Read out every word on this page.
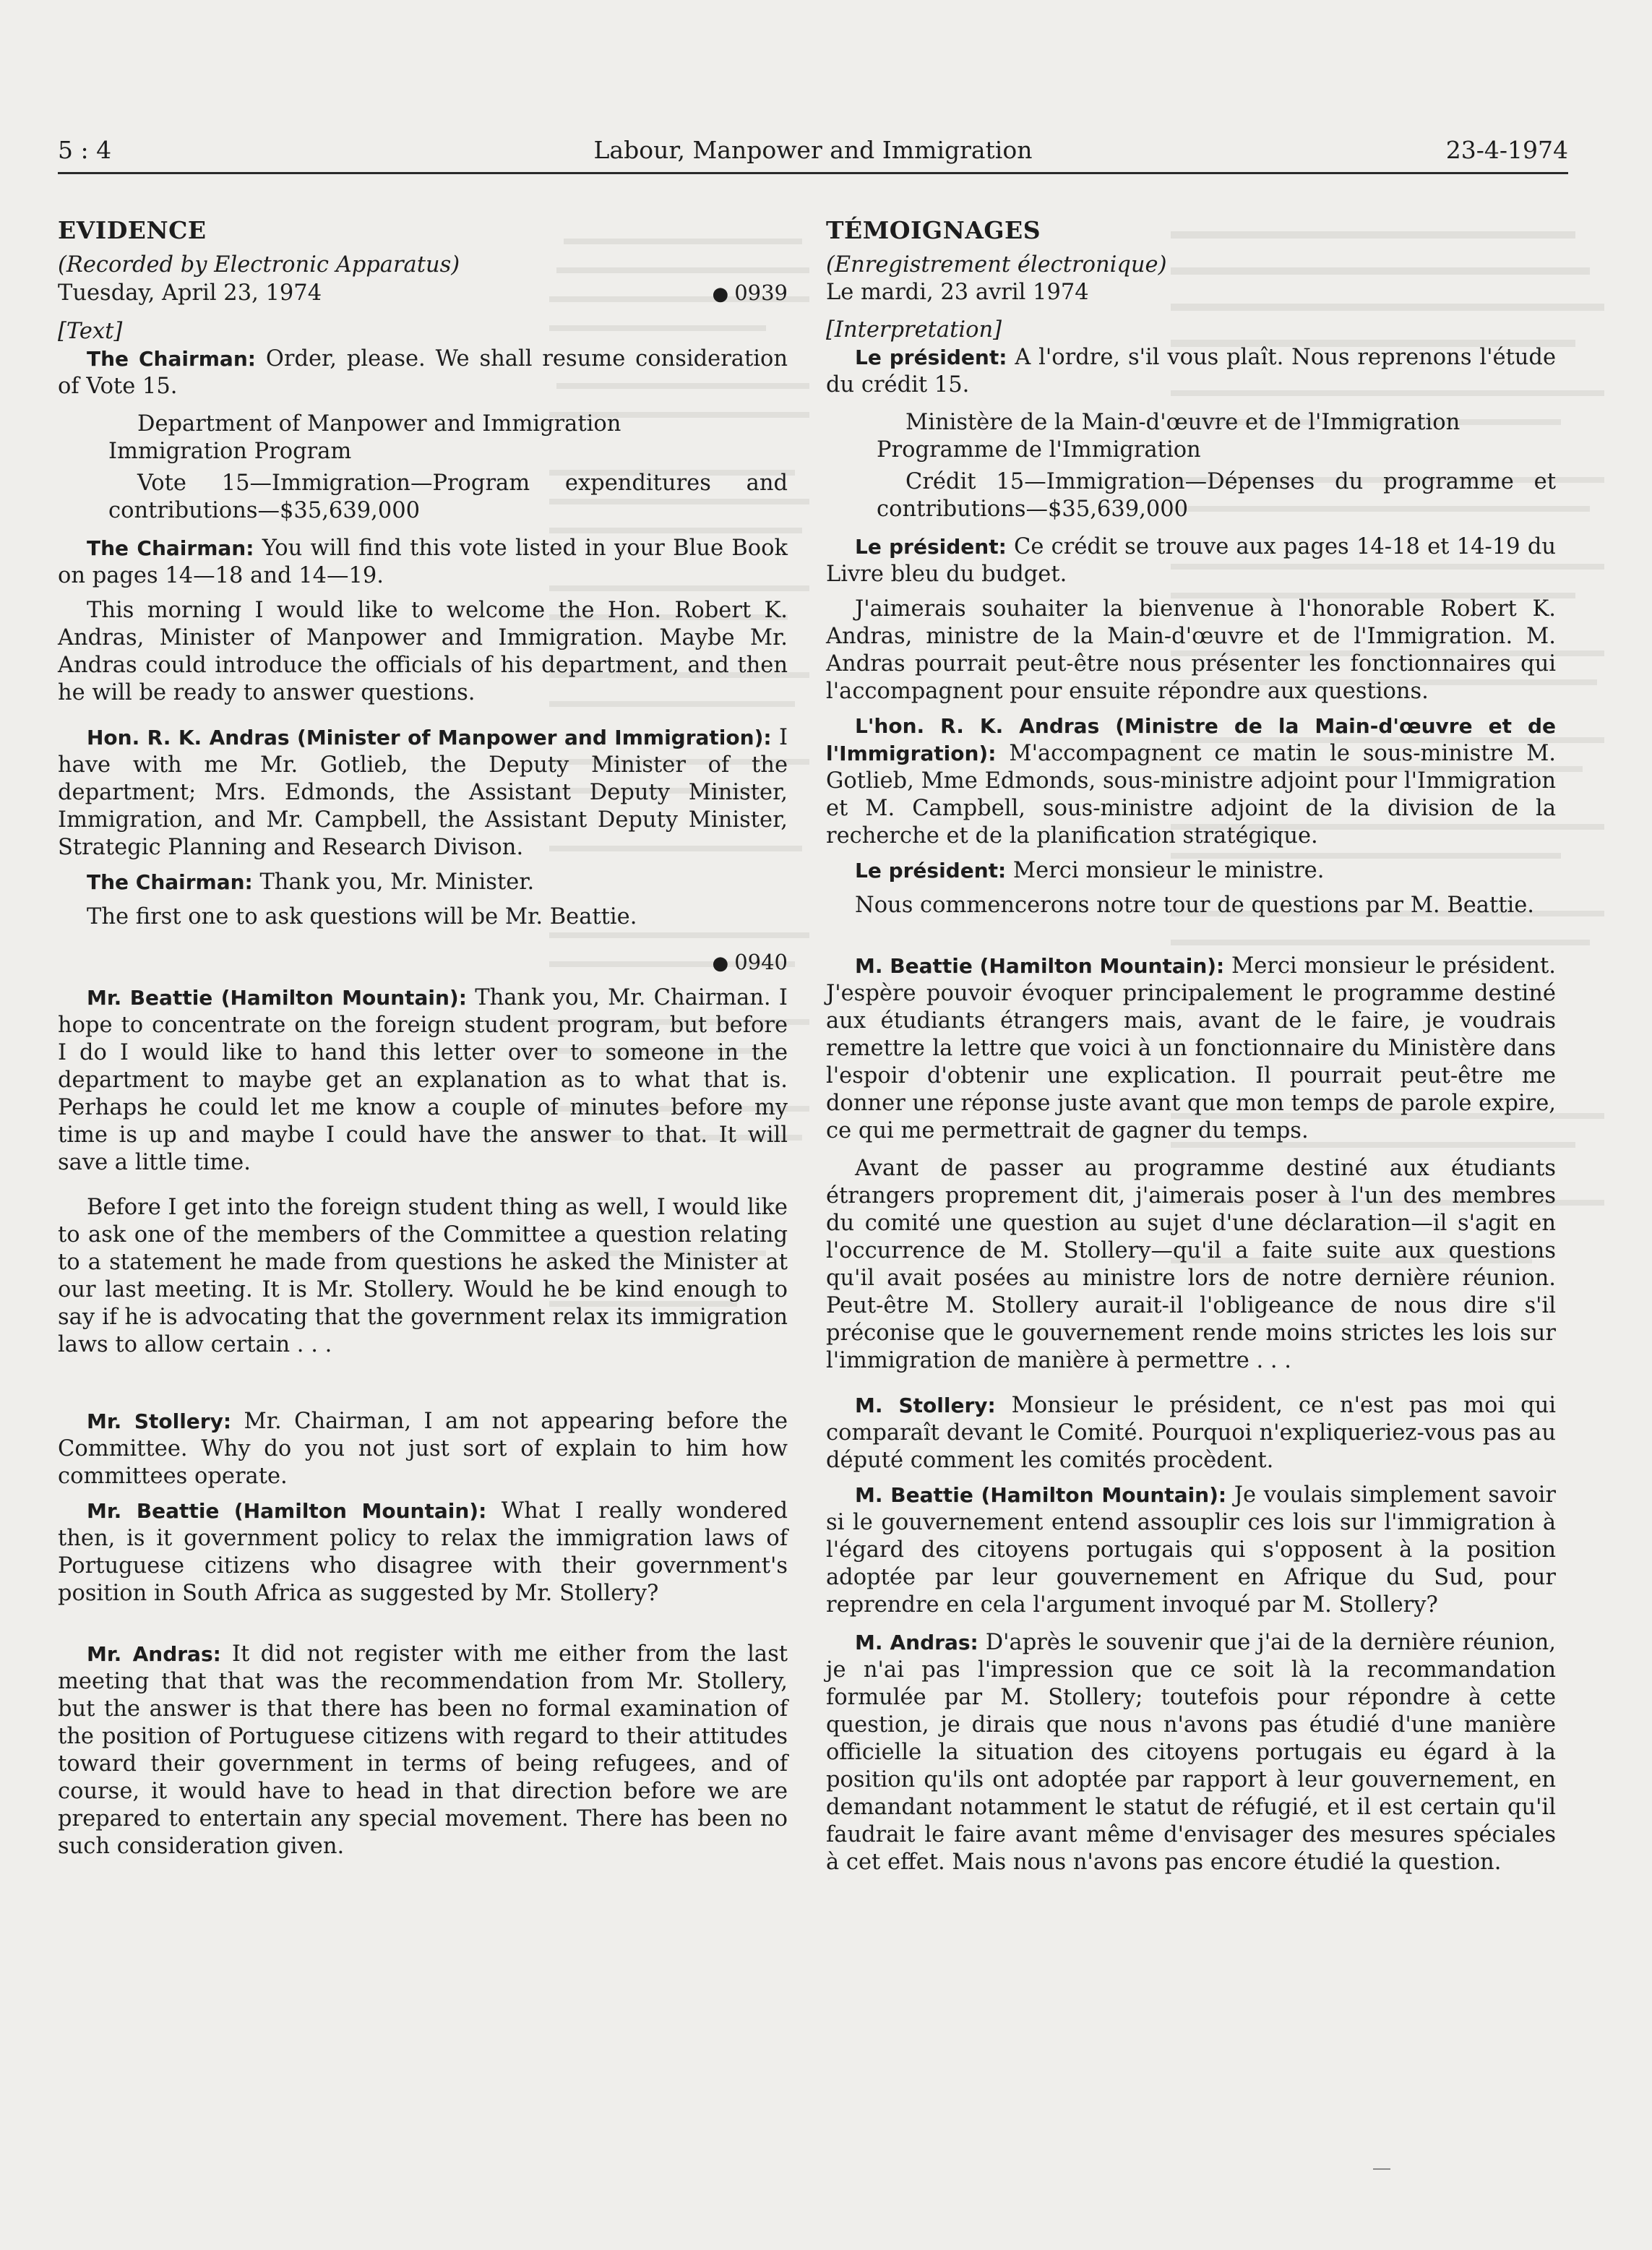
5 : 4	Labour, Manpower and Immigration	23-4-1974

EVIDENCE

(Recorded by Electronic Apparatus)

Tuesday, April 23, 1974	● 0939

[Text]

The Chairman: Order, please. We shall resume consideration of Vote 15.

Department of Manpower and Immigration

Immigration Program

Vote 15—Immigration—Program expenditures and contributions—$35,639,000

The Chairman: You will find this vote listed in your Blue Book on pages 14—18 and 14—19.

This morning I would like to welcome the Hon. Robert K. Andras, Minister of Manpower and Immigration. Maybe Mr. Andras could introduce the officials of his department, and then he will be ready to answer questions.

Hon. R. K. Andras (Minister of Manpower and Immigration): I have with me Mr. Gotlieb, the Deputy Minister of the department; Mrs. Edmonds, the Assistant Deputy Minister, Immigration, and Mr. Campbell, the Assistant Deputy Minister, Strategic Planning and Research Divison.

The Chairman: Thank you, Mr. Minister.

The first one to ask questions will be Mr. Beattie.

● 0940

Mr. Beattie (Hamilton Mountain): Thank you, Mr. Chairman. I hope to concentrate on the foreign student program, but before I do I would like to hand this letter over to someone in the department to maybe get an explanation as to what that is. Perhaps he could let me know a couple of minutes before my time is up and maybe I could have the answer to that. It will save a little time.

Before I get into the foreign student thing as well, I would like to ask one of the members of the Committee a question relating to a statement he made from questions he asked the Minister at our last meeting. It is Mr. Stollery. Would he be kind enough to say if he is advocating that the government relax its immigration laws to allow certain . . .

Mr. Stollery: Mr. Chairman, I am not appearing before the Committee. Why do you not just sort of explain to him how committees operate.

Mr. Beattie (Hamilton Mountain): What I really wondered then, is it government policy to relax the immigration laws of Portuguese citizens who disagree with their government's position in South Africa as suggested by Mr. Stollery?

Mr. Andras: It did not register with me either from the last meeting that that was the recommendation from Mr. Stollery, but the answer is that there has been no formal examination of the position of Portuguese citizens with regard to their attitudes toward their government in terms of being refugees, and of course, it would have to head in that direction before we are prepared to entertain any special movement. There has been no such consideration given.

TÉMOIGNAGES

(Enregistrement électronique)

Le mardi, 23 avril 1974

[Interpretation]

Le président: A l'ordre, s'il vous plaît. Nous reprenons l'étude du crédit 15.

Ministère de la Main-d'œuvre et de l'Immigration

Programme de l'Immigration

Crédit 15—Immigration—Dépenses du programme et contributions—$35,639,000

Le président: Ce crédit se trouve aux pages 14-18 et 14-19 du Livre bleu du budget.

J'aimerais souhaiter la bienvenue à l'honorable Robert K. Andras, ministre de la Main-d'œuvre et de l'Immigration. M. Andras pourrait peut-être nous présenter les fonctionnaires qui l'accompagnent pour ensuite répondre aux questions.

L'hon. R. K. Andras (Ministre de la Main-d'œuvre et de l'Immigration): M'accompagnent ce matin le sous-ministre M. Gotlieb, Mme Edmonds, sous-ministre adjoint pour l'Immigration et M. Campbell, sous-ministre adjoint de la division de la recherche et de la planification stratégique.

Le président: Merci monsieur le ministre.

Nous commencerons notre tour de questions par M. Beattie.

M. Beattie (Hamilton Mountain): Merci monsieur le président. J'espère pouvoir évoquer principalement le programme destiné aux étudiants étrangers mais, avant de le faire, je voudrais remettre la lettre que voici à un fonctionnaire du Ministère dans l'espoir d'obtenir une explication. Il pourrait peut-être me donner une réponse juste avant que mon temps de parole expire, ce qui me permettrait de gagner du temps.

Avant de passer au programme destiné aux étudiants étrangers proprement dit, j'aimerais poser à l'un des membres du comité une question au sujet d'une déclaration—il s'agit en l'occurrence de M. Stollery—qu'il a faite suite aux questions qu'il avait posées au ministre lors de notre dernière réunion. Peut-être M. Stollery aurait-il l'obligeance de nous dire s'il préconise que le gouvernement rende moins strictes les lois sur l'immigration de manière à permettre . . .

M. Stollery: Monsieur le président, ce n'est pas moi qui comparaît devant le Comité. Pourquoi n'expliqueriez-vous pas au député comment les comités procèdent.

M. Beattie (Hamilton Mountain): Je voulais simplement savoir si le gouvernement entend assouplir ces lois sur l'immigration à l'égard des citoyens portugais qui s'opposent à la position adoptée par leur gouvernement en Afrique du Sud, pour reprendre en cela l'argument invoqué par M. Stollery?

M. Andras: D'après le souvenir que j'ai de la dernière réunion, je n'ai pas l'impression que ce soit là la recommandation formulée par M. Stollery; toutefois pour répondre à cette question, je dirais que nous n'avons pas étudié d'une manière officielle la situation des citoyens portugais eu égard à la position qu'ils ont adoptée par rapport à leur gouvernement, en demandant notamment le statut de réfugié, et il est certain qu'il faudrait le faire avant même d'envisager des mesures spéciales à cet effet. Mais nous n'avons pas encore étudié la question.
